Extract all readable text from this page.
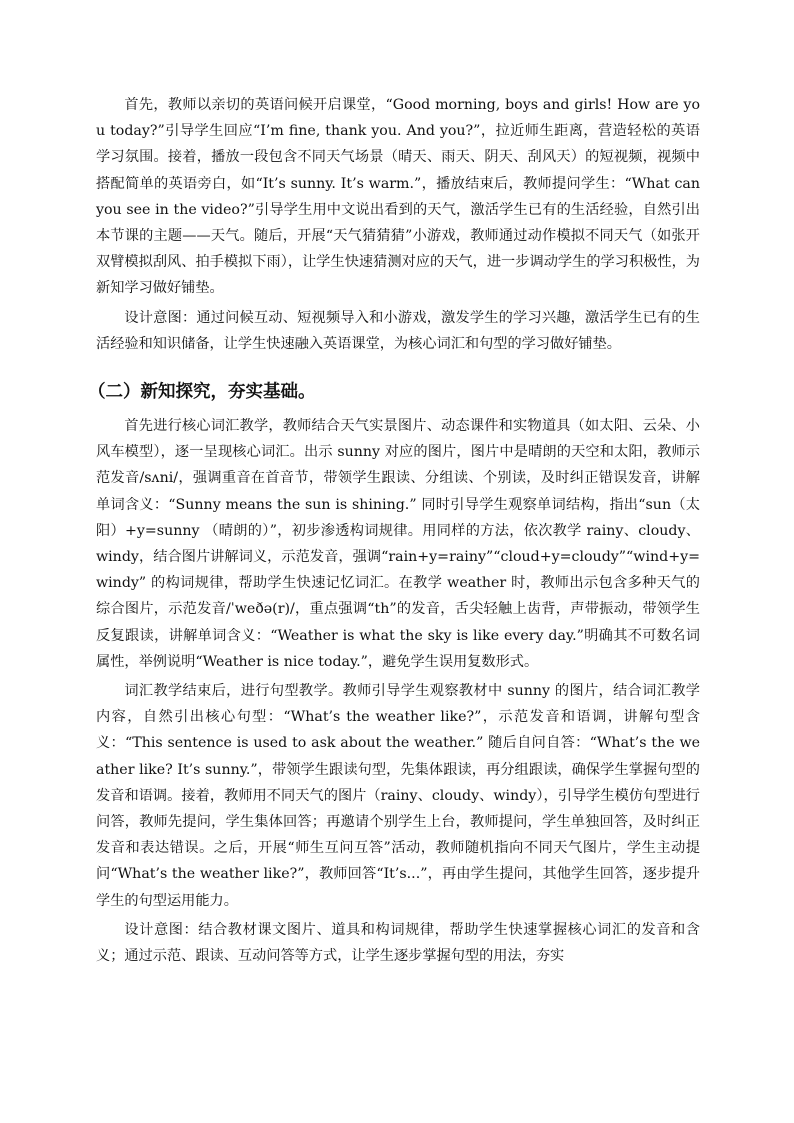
首先，教师以亲切的英语问候开启课堂，“Good morning, boys and girls! How are you today?”引导学生回应“I’m fine, thank you. And you?”，拉近师生距离，营造轻松的英语学习氛围。接着，播放一段包含不同天气场景（晴天、雨天、阴天、刮风天）的短视频，视频中搭配简单的英语旁白，如“It’s sunny. It’s warm.”，播放结束后，教师提问学生：“What can you see in the video?”引导学生用中文说出看到的天气，激活学生已有的生活经验，自然引出本节课的主题——天气。随后，开展“天气猜猜猜”小游戏，教师通过动作模拟不同天气（如张开双臂模拟刮风、拍手模拟下雨），让学生快速猜测对应的天气，进一步调动学生的学习积极性，为新知学习做好铺垫。

设计意图：通过问候互动、短视频导入和小游戏，激发学生的学习兴趣，激活学生已有的生活经验和知识储备，让学生快速融入英语课堂，为核心词汇和句型的学习做好铺垫。

（二）新知探究，夯实基础。

首先进行核心词汇教学，教师结合天气实景图片、动态课件和实物道具（如太阳、云朵、小风车模型），逐一呈现核心词汇。出示 sunny 对应的图片，图片中是晴朗的天空和太阳，教师示范发音/sʌni/，强调重音在首音节，带领学生跟读、分组读、个别读，及时纠正错误发音，讲解单词含义：“Sunny means the sun is shining.” 同时引导学生观察单词结构，指出“sun（太阳）+y=sunny （晴朗的）”，初步渗透构词规律。用同样的方法，依次教学 rainy、cloudy、windy，结合图片讲解词义，示范发音，强调“rain+y=rainy”“cloud+y=cloudy”“wind+y=windy” 的构词规律，帮助学生快速记忆词汇。在教学 weather 时，教师出示包含多种天气的综合图片，示范发音/ˈweðə(r)/，重点强调“th”的发音，舌尖轻触上齿背，声带振动，带领学生反复跟读，讲解单词含义：“Weather is what the sky is like every day.”明确其不可数名词属性，举例说明“Weather is nice today.”，避免学生误用复数形式。

词汇教学结束后，进行句型教学。教师引导学生观察教材中 sunny 的图片，结合词汇教学内容，自然引出核心句型：“What’s the weather like?”，示范发音和语调，讲解句型含义：“This sentence is used to ask about the weather.” 随后自问自答：“What’s the weather like? It’s sunny.”，带领学生跟读句型，先集体跟读，再分组跟读，确保学生掌握句型的发音和语调。接着，教师用不同天气的图片（rainy、cloudy、windy），引导学生模仿句型进行问答，教师先提问，学生集体回答；再邀请个别学生上台，教师提问，学生单独回答，及时纠正发音和表达错误。之后，开展“师生互问互答”活动，教师随机指向不同天气图片，学生主动提问“What’s the weather like?”，教师回答“It’s...”，再由学生提问，其他学生回答，逐步提升学生的句型运用能力。

设计意图：结合教材课文图片、道具和构词规律，帮助学生快速掌握核心词汇的发音和含义；通过示范、跟读、互动问答等方式，让学生逐步掌握句型的用法，夯实
